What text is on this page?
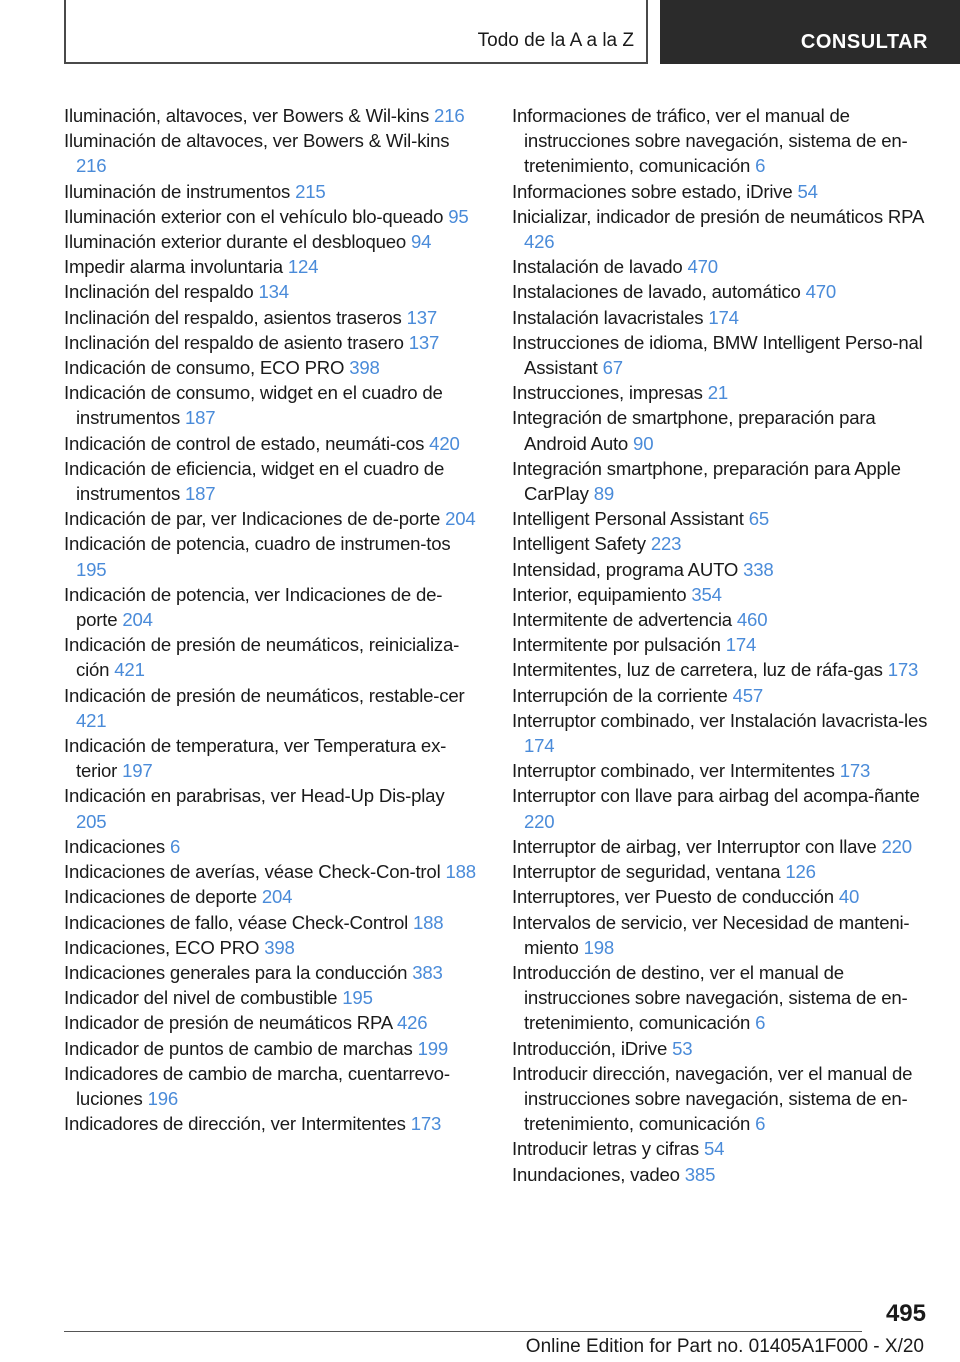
Todo de la A a la Z	CONSULTAR
Iluminación, altavoces, ver Bowers & Wil‐kins 216
Iluminación de altavoces, ver Bowers & Wil‐kins 216
Iluminación de instrumentos 215
Iluminación exterior con el vehículo blo‐queado 95
Iluminación exterior durante el desbloqueo 94
Impedir alarma involuntaria 124
Inclinación del respaldo 134
Inclinación del respaldo, asientos traseros 137
Inclinación del respaldo de asiento trasero 137
Indicación de consumo, ECO PRO 398
Indicación de consumo, widget en el cuadro de instrumentos 187
Indicación de control de estado, neumáti‐cos 420
Indicación de eficiencia, widget en el cuadro de instrumentos 187
Indicación de par, ver Indicaciones de de‐porte 204
Indicación de potencia, cuadro de instrumen‐tos 195
Indicación de potencia, ver Indicaciones de de‐porte 204
Indicación de presión de neumáticos, reinicializa‐ción 421
Indicación de presión de neumáticos, restable‐cer 421
Indicación de temperatura, ver Temperatura ex‐terior 197
Indicación en parabrisas, ver Head-Up Dis‐play 205
Indicaciones 6
Indicaciones de averías, véase Check-Con‐trol 188
Indicaciones de deporte 204
Indicaciones de fallo, véase Check-Control 188
Indicaciones, ECO PRO 398
Indicaciones generales para la conducción 383
Indicador del nivel de combustible 195
Indicador de presión de neumáticos RPA 426
Indicador de puntos de cambio de marchas 199
Indicadores de cambio de marcha, cuentarrevo‐luciones 196
Indicadores de dirección, ver Intermitentes 173
Informaciones de tráfico, ver el manual de instrucciones sobre navegación, sistema de en‐tretenimiento, comunicación 6
Informaciones sobre estado, iDrive 54
Inicializar, indicador de presión de neumáticos RPA 426
Instalación de lavado 470
Instalaciones de lavado, automático 470
Instalación lavacristales 174
Instrucciones de idioma, BMW Intelligent Perso‐nal Assistant 67
Instrucciones, impresas 21
Integración de smartphone, preparación para Android Auto 90
Integración smartphone, preparación para Apple CarPlay 89
Intelligent Personal Assistant 65
Intelligent Safety 223
Intensidad, programa AUTO 338
Interior, equipamiento 354
Intermitente de advertencia 460
Intermitente por pulsación 174
Intermitentes, luz de carretera, luz de ráfa‐gas 173
Interrupción de la corriente 457
Interruptor combinado, ver Instalación lavacrista‐les 174
Interruptor combinado, ver Intermitentes 173
Interruptor con llave para airbag del acompa‐ñante 220
Interruptor de airbag, ver Interruptor con llave 220
Interruptor de seguridad, ventana 126
Interruptores, ver Puesto de conducción 40
Intervalos de servicio, ver Necesidad de manteni‐miento 198
Introducción de destino, ver el manual de instrucciones sobre navegación, sistema de en‐tretenimiento, comunicación 6
Introducción, iDrive 53
Introducir dirección, navegación, ver el manual de instrucciones sobre navegación, sistema de en‐tretenimiento, comunicación 6
Introducir letras y cifras 54
Inundaciones, vadeo 385
495
Online Edition for Part no. 01405A1F000 - X/20
